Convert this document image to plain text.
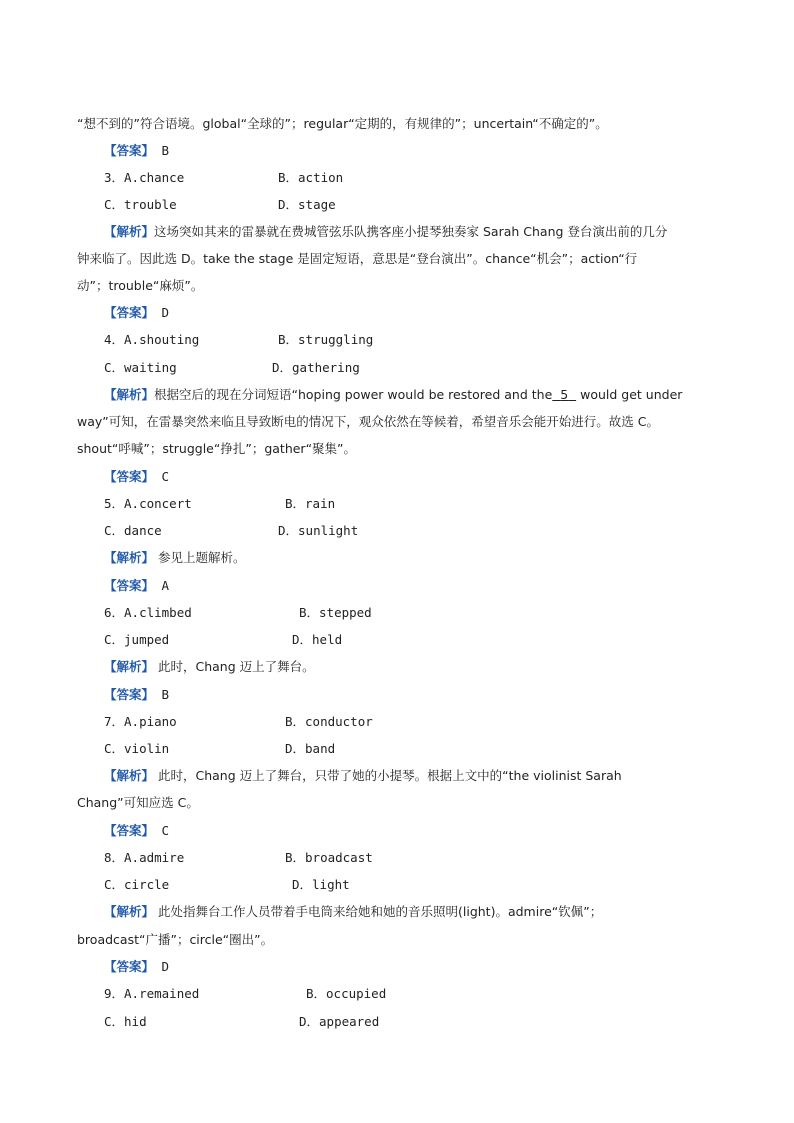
“想不到的”符合语境。global“全球的”；regular“定期的，有规律的”；uncertain“不确定的”。
【答案】 B
3．A.chance	B．action
C．trouble	D．stage
【解析】这场突如其来的雷暴就在费城管弦乐队携客座小提琴独奏家 Sarah Chang 登台演出前的几分
钟来临了。因此选 D。take the stage 是固定短语，意思是“登台演出”。chance“机会”；action“行
动”；trouble“麻烦”。
【答案】 D
4．A.shouting	B．struggling
C．waiting	D．gathering
【解析】根据空后的现在分词短语“hoping power would be restored and the 5 would get under
way”可知，在雷暴突然来临且导致断电的情况下，观众依然在等候着，希望音乐会能开始进行。故选 C。
shout“呼喊”；struggle“挣扎”；gather“聚集”。
【答案】 C
5．A.concert	B．rain
C．dance	D．sunlight
【解析】 参见上题解析。
【答案】 A
6．A.climbed	B．stepped
C．jumped	D．held
【解析】 此时，Chang 迈上了舞台。
【答案】 B
7．A.piano	B．conductor
C．violin	D．band
【解析】 此时，Chang 迈上了舞台，只带了她的小提琴。根据上文中的“the violinist Sarah
Chang”可知应选 C。
【答案】 C
8．A.admire	B．broadcast
C．circle	D．light
【解析】 此处指舞台工作人员带着手电筒来给她和她的音乐照明(light)。admire“钦佩”；
broadcast“广播”；circle“圈出”。
【答案】 D
9．A.remained	B．occupied
C．hid	D．appeared
